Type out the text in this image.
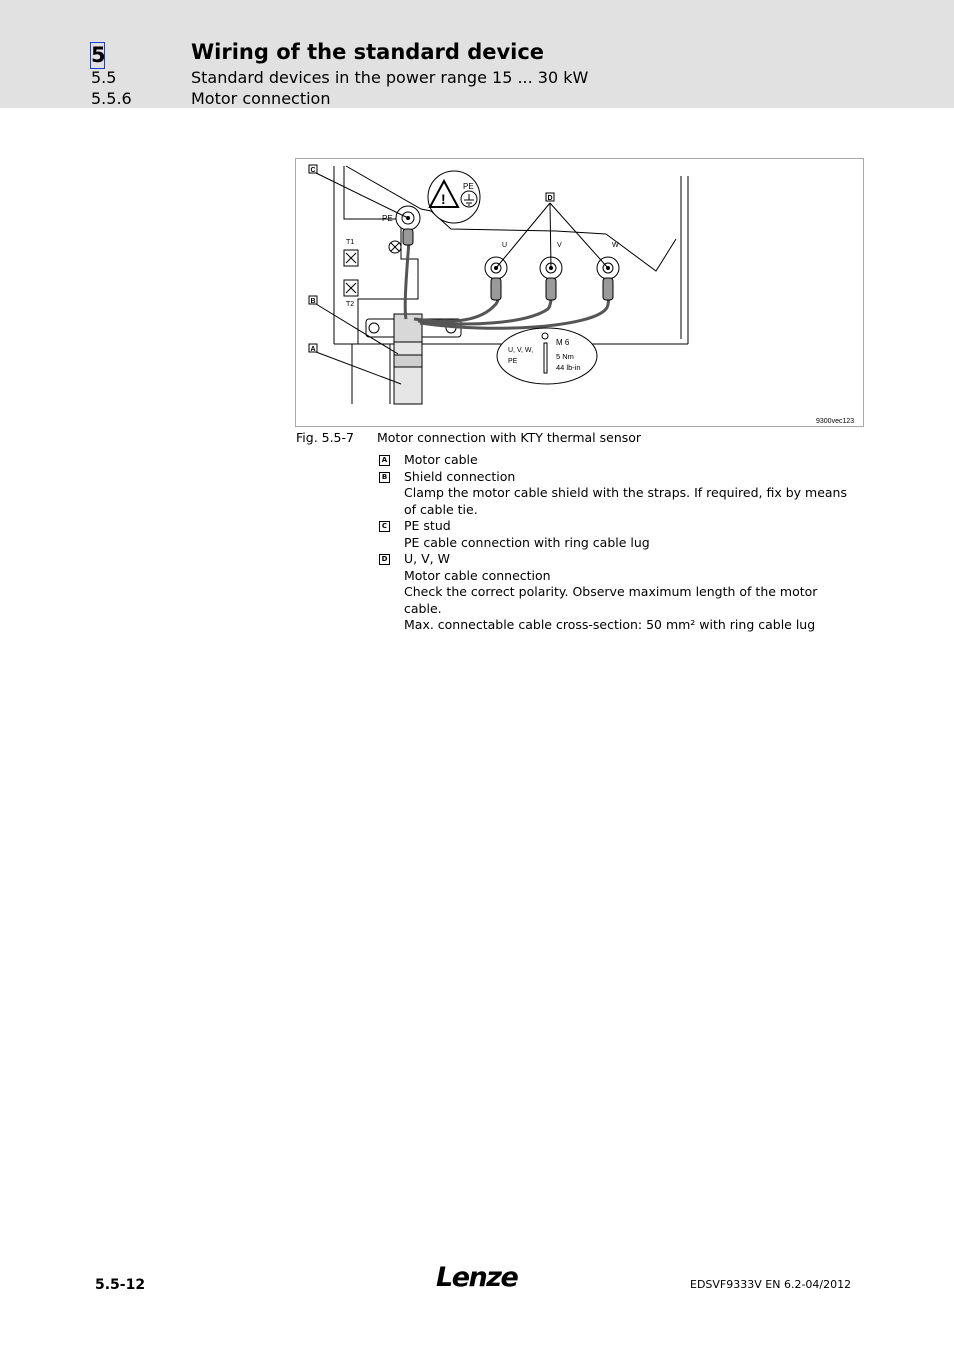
5	Wiring of the standard device
5.5	Standard devices in the power range 15 ... 30 kW
5.5.6	Motor connection
PE
T1
T2
!
PE
U	V	W
C
B
A
D
U, V, W,
PE
M 6
5 Nm
44 lb-in
9300vec123
Fig. 5.5-7 Motor connection with KTY thermal sensor
A Motor cable
B Shield connection
Clamp the motor cable shield with the straps. If required, fix by means of cable tie.
C PE stud
PE cable connection with ring cable lug
D U, V, W
Motor cable connection
Check the correct polarity. Observe maximum length of the motor cable.
Max. connectable cable cross-section: 50 mm² with ring cable lug
5.5-12	Lenze	EDSVF9333V EN 6.2-04/2012
